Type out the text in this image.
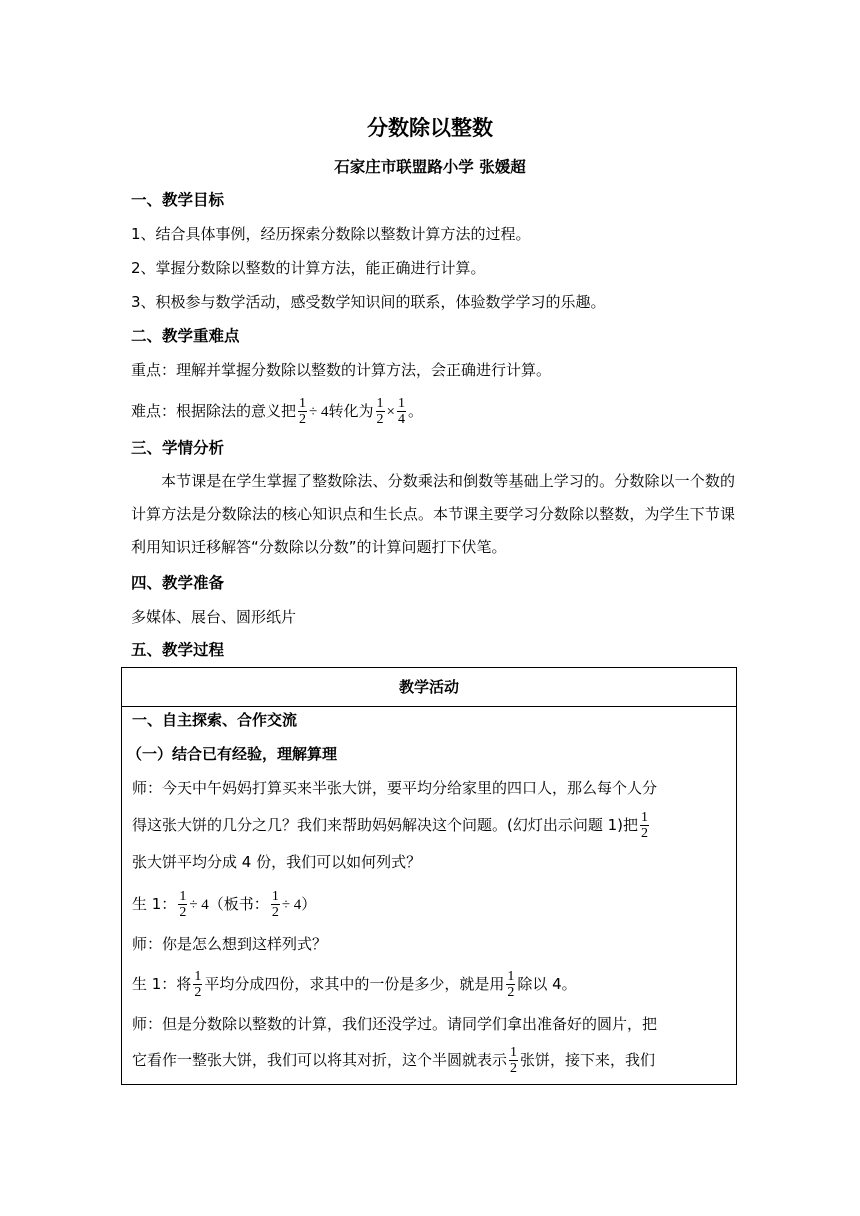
分数除以整数
石家庄市联盟路小学 张媛超
一、教学目标
1、结合具体事例，经历探索分数除以整数计算方法的过程。
2、掌握分数除以整数的计算方法，能正确进行计算。
3、积极参与数学活动，感受数学知识间的联系，体验数学学习的乐趣。
二、教学重难点
重点：理解并掌握分数除以整数的计算方法，会正确进行计算。
难点：根据除法的意义把 $\frac{1}{2} \div 4$转化为 $\frac{1}{2} \times \frac{1}{4}$ 。
三、学情分析
本节课是在学生掌握了整数除法、分数乘法和倒数等基础上学习的。分数除以一个数的计算方法是分数除法的核心知识点和生长点。本节课主要学习分数除以整数，为学生下节课利用知识迁移解答“分数除以分数”的计算问题打下伏笔。
四、教学准备
多媒体、展台、圆形纸片
五、教学过程
教学活动
一、自主探索、合作交流
（一）结合已有经验，理解算理
师：今天中午妈妈打算买来半张大饼，要平均分给家里的四口人，那么每个人分
得这张大饼的几分之几？我们来帮助妈妈解决这个问题。(幻灯出示问题 1)把 $\frac{1}{2}$
张大饼平均分成 4 份，我们可以如何列式？
生 1： $\frac{1}{2} \div 4$（板书： $\frac{1}{2} \div 4$）
师：你是怎么想到这样列式？
生 1：将 $\frac{1}{2}$ 平均分成四份，求其中的一份是多少，就是用 $\frac{1}{2}$ 除以 4。
师：但是分数除以整数的计算，我们还没学过。请同学们拿出准备好的圆片，把
它看作一整张大饼，我们可以将其对折，这个半圆就表示 $\frac{1}{2}$ 张饼，接下来，我们
